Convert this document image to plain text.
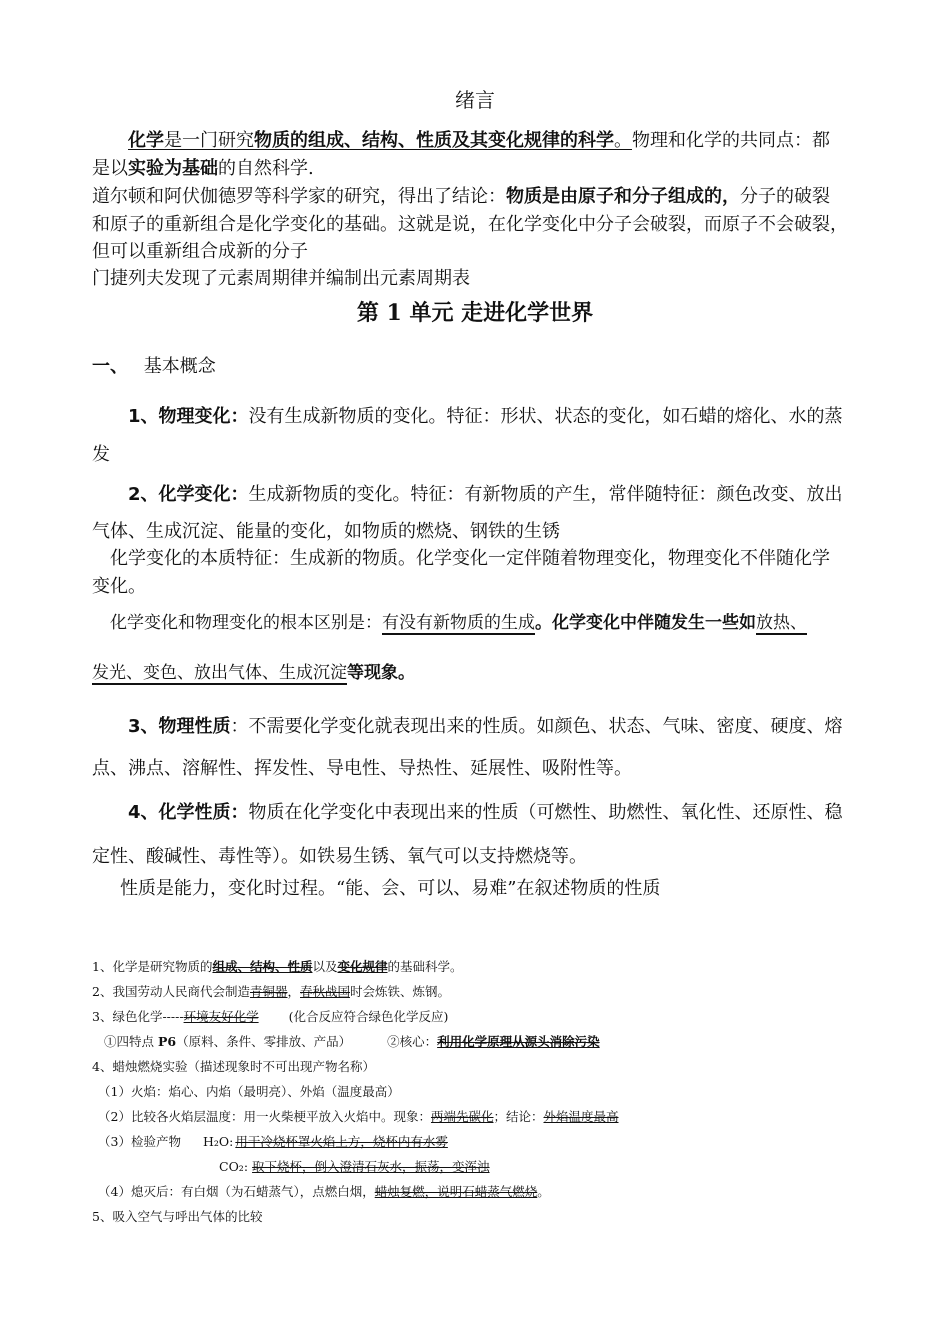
绪言
化学是一门研究物质的组成、结构、性质及其变化规律的科学。物理和化学的共同点：都
是以实验为基础的自然科学.
道尔顿和阿伏伽德罗等科学家的研究，得出了结论：物质是由原子和分子组成的，分子的破裂
和原子的重新组合是化学变化的基础。这就是说，在化学变化中分子会破裂，而原子不会破裂，
但可以重新组合成新的分子
门捷列夫发现了元素周期律并编制出元素周期表
第 1 单元 走进化学世界
一、 基本概念
1、物理变化：没有生成新物质的变化。特征：形状、状态的变化，如石蜡的熔化、水的蒸
发
2、化学变化：生成新物质的变化。特征：有新物质的产生，常伴随特征：颜色改变、放出
气体、生成沉淀、能量的变化，如物质的燃烧、钢铁的生锈
化学变化的本质特征：生成新的物质。化学变化一定伴随着物理变化，物理变化不伴随化学
变化。
化学变化和物理变化的根本区别是：有没有新物质的生成。化学变化中伴随发生一些如放热、
发光、变色、放出气体、生成沉淀等现象。
3、物理性质：不需要化学变化就表现出来的性质。如颜色、状态、气味、密度、硬度、熔
点、沸点、溶解性、挥发性、导电性、导热性、延展性、吸附性等。
4、化学性质：物质在化学变化中表现出来的性质（可燃性、助燃性、氧化性、还原性、稳
定性、酸碱性、毒性等）。如铁易生锈、氧气可以支持燃烧等。
性质是能力，变化时过程。“能、会、可以、易难”在叙述物质的性质
1、化学是研究物质的组成、结构、性质以及变化规律的基础科学。
2、我国劳动人民商代会制造青铜器，春秋战国时会炼铁、炼钢。
3、绿色化学-----环境友好化学 (化合反应符合绿色化学反应)
①四特点 P6（原料、条件、零排放、产品）	②核心：利用化学原理从源头消除污染
4、蜡烛燃烧实验（描述现象时不可出现产物名称）
（1）火焰：焰心、内焰（最明亮）、外焰（温度最高）
（2）比较各火焰层温度：用一火柴梗平放入火焰中。现象：两端先碳化；结论：外焰温度最高
（3）检验产物 H₂O: 用干冷烧杯罩火焰上方，烧杯内有水雾
CO₂: 取下烧杯，倒入澄清石灰水，振荡，变浑浊
（4）熄灭后：有白烟（为石蜡蒸气），点燃白烟，蜡烛复燃，说明石蜡蒸气燃烧。
5、吸入空气与呼出气体的比较
